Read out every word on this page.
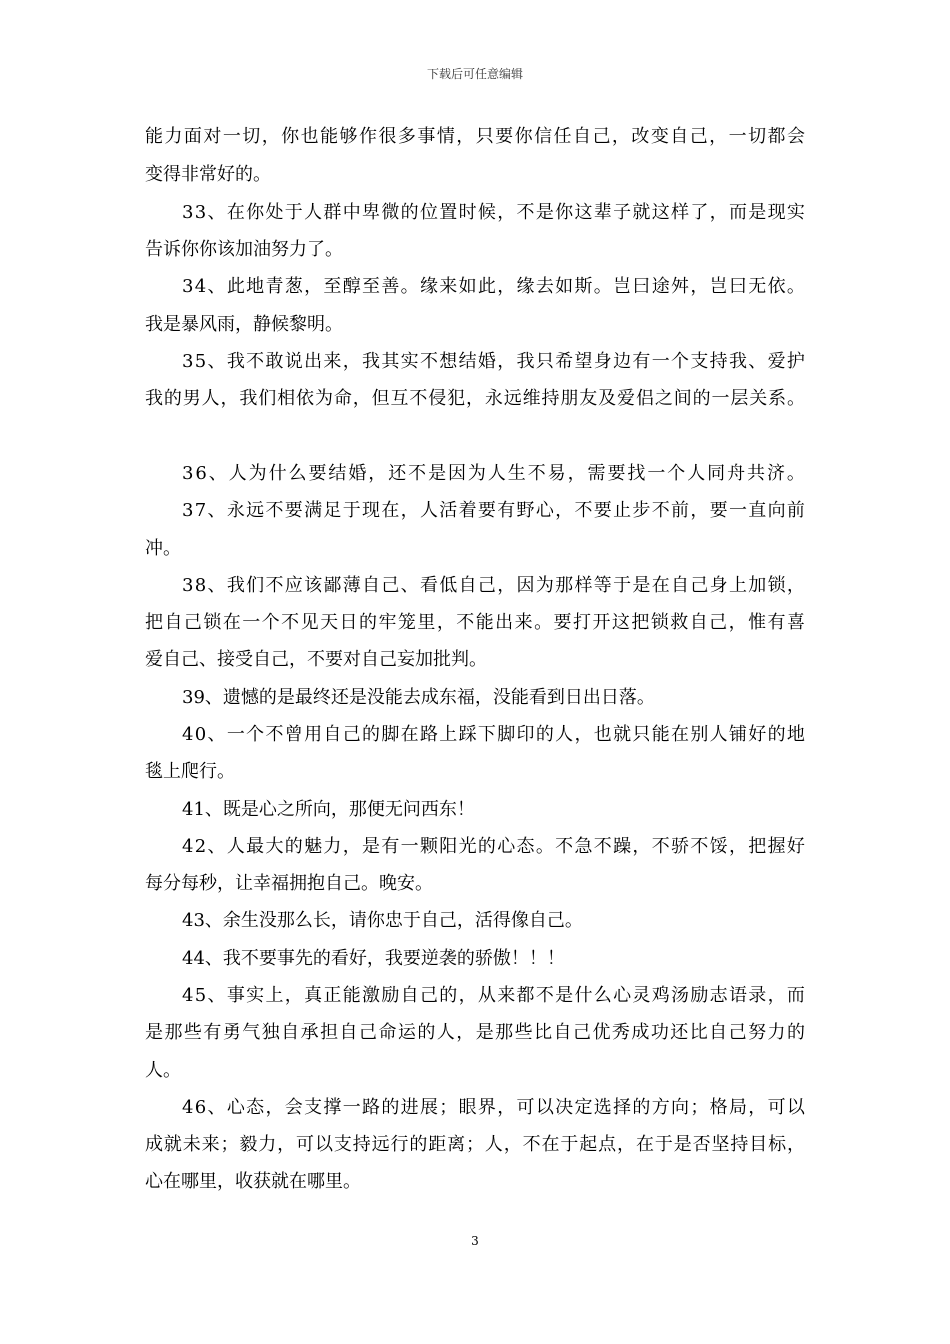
下载后可任意编辑
能力面对一切，你也能够作很多事情，只要你信任自己，改变自己，一切都会
变得非常好的。
33、在你处于人群中卑微的位置时候，不是你这辈子就这样了，而是现实
告诉你你该加油努力了。
34、此地青葱，至醇至善。缘来如此，缘去如斯。岂曰途舛，岂曰无依。
我是暴风雨，静候黎明。
35、我不敢说出来，我其实不想结婚，我只希望身边有一个支持我、爱护
我的男人，我们相依为命，但互不侵犯，永远维持朋友及爱侣之间的一层关系。
36、人为什么要结婚，还不是因为人生不易，需要找一个人同舟共济。
37、永远不要满足于现在，人活着要有野心，不要止步不前，要一直向前
冲。
38、我们不应该鄙薄自己、看低自己，因为那样等于是在自己身上加锁，
把自己锁在一个不见天日的牢笼里，不能出来。要打开这把锁救自己，惟有喜
爱自己、接受自己，不要对自己妄加批判。
39、遗憾的是最终还是没能去成东福，没能看到日出日落。
40、一个不曾用自己的脚在路上踩下脚印的人，也就只能在别人铺好的地
毯上爬行。
41、既是心之所向，那便无问西东！
42、人最大的魅力，是有一颗阳光的心态。不急不躁，不骄不馁，把握好
每分每秒，让幸福拥抱自己。晚安。
43、余生没那么长，请你忠于自己，活得像自己。
44、我不要事先的看好，我要逆袭的骄傲！！！
45、事实上，真正能激励自己的，从来都不是什么心灵鸡汤励志语录，而
是那些有勇气独自承担自己命运的人，是那些比自己优秀成功还比自己努力的
人。
46、心态，会支撑一路的进展；眼界，可以决定选择的方向；格局，可以
成就未来；毅力，可以支持远行的距离；人，不在于起点，在于是否坚持目标，
心在哪里，收获就在哪里。
3
